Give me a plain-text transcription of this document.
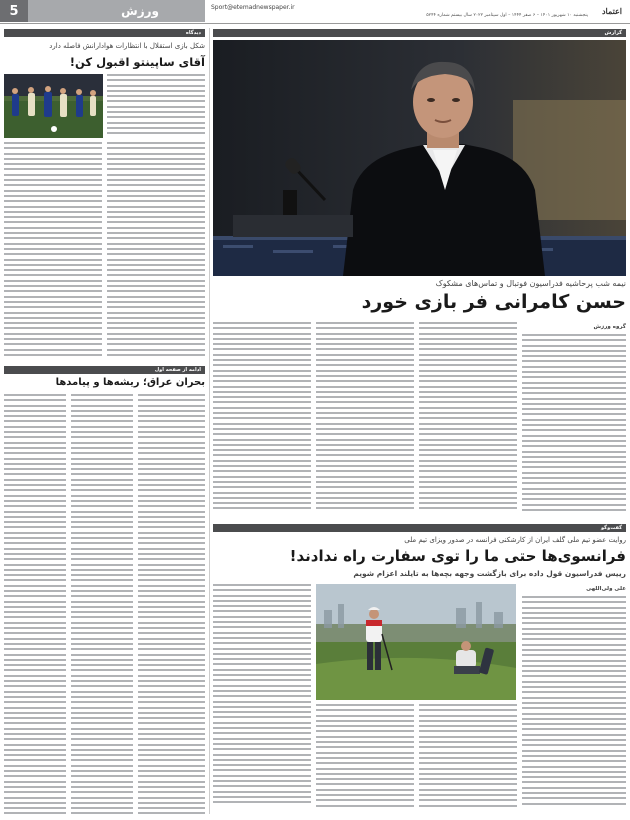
5	ورزش	Sport@etemadnewspaper.ir
پنجشنبه ۱۰ شهریور ۱۴۰۱ – ۶ صفر ۱۴۴۴ – اول سپتامبر ۲۰۲۲ سال بیستم شماره ۵۲۴۴ اعتماد
دیدگاه
شکل بازی استقلال با انتظارات هوادارانش فاصله دارد
آقای ساپینتو اقبول کن!
ادامه از صفحه اول
بحران عراق؛ ریشه‌ها و پیامدها
گزارش
نیمه شب پرحاشیه فدراسیون فوتبال و تماس‌های مشکوک
حسن کامرانی فر بازی خورد
گروه ورزش
گفت‌وگو
روایت عضو تیم ملی گلف ایران از کارشکنی فرانسه در صدور ویزای تیم ملی
فرانسوی‌ها حتی ما را توی سفارت راه ندادند!
رییس فدراسیون قول داده برای بازگشت وجهه بچه‌ها به تایلند اعزام شویم
علی ولی‌اللهی
